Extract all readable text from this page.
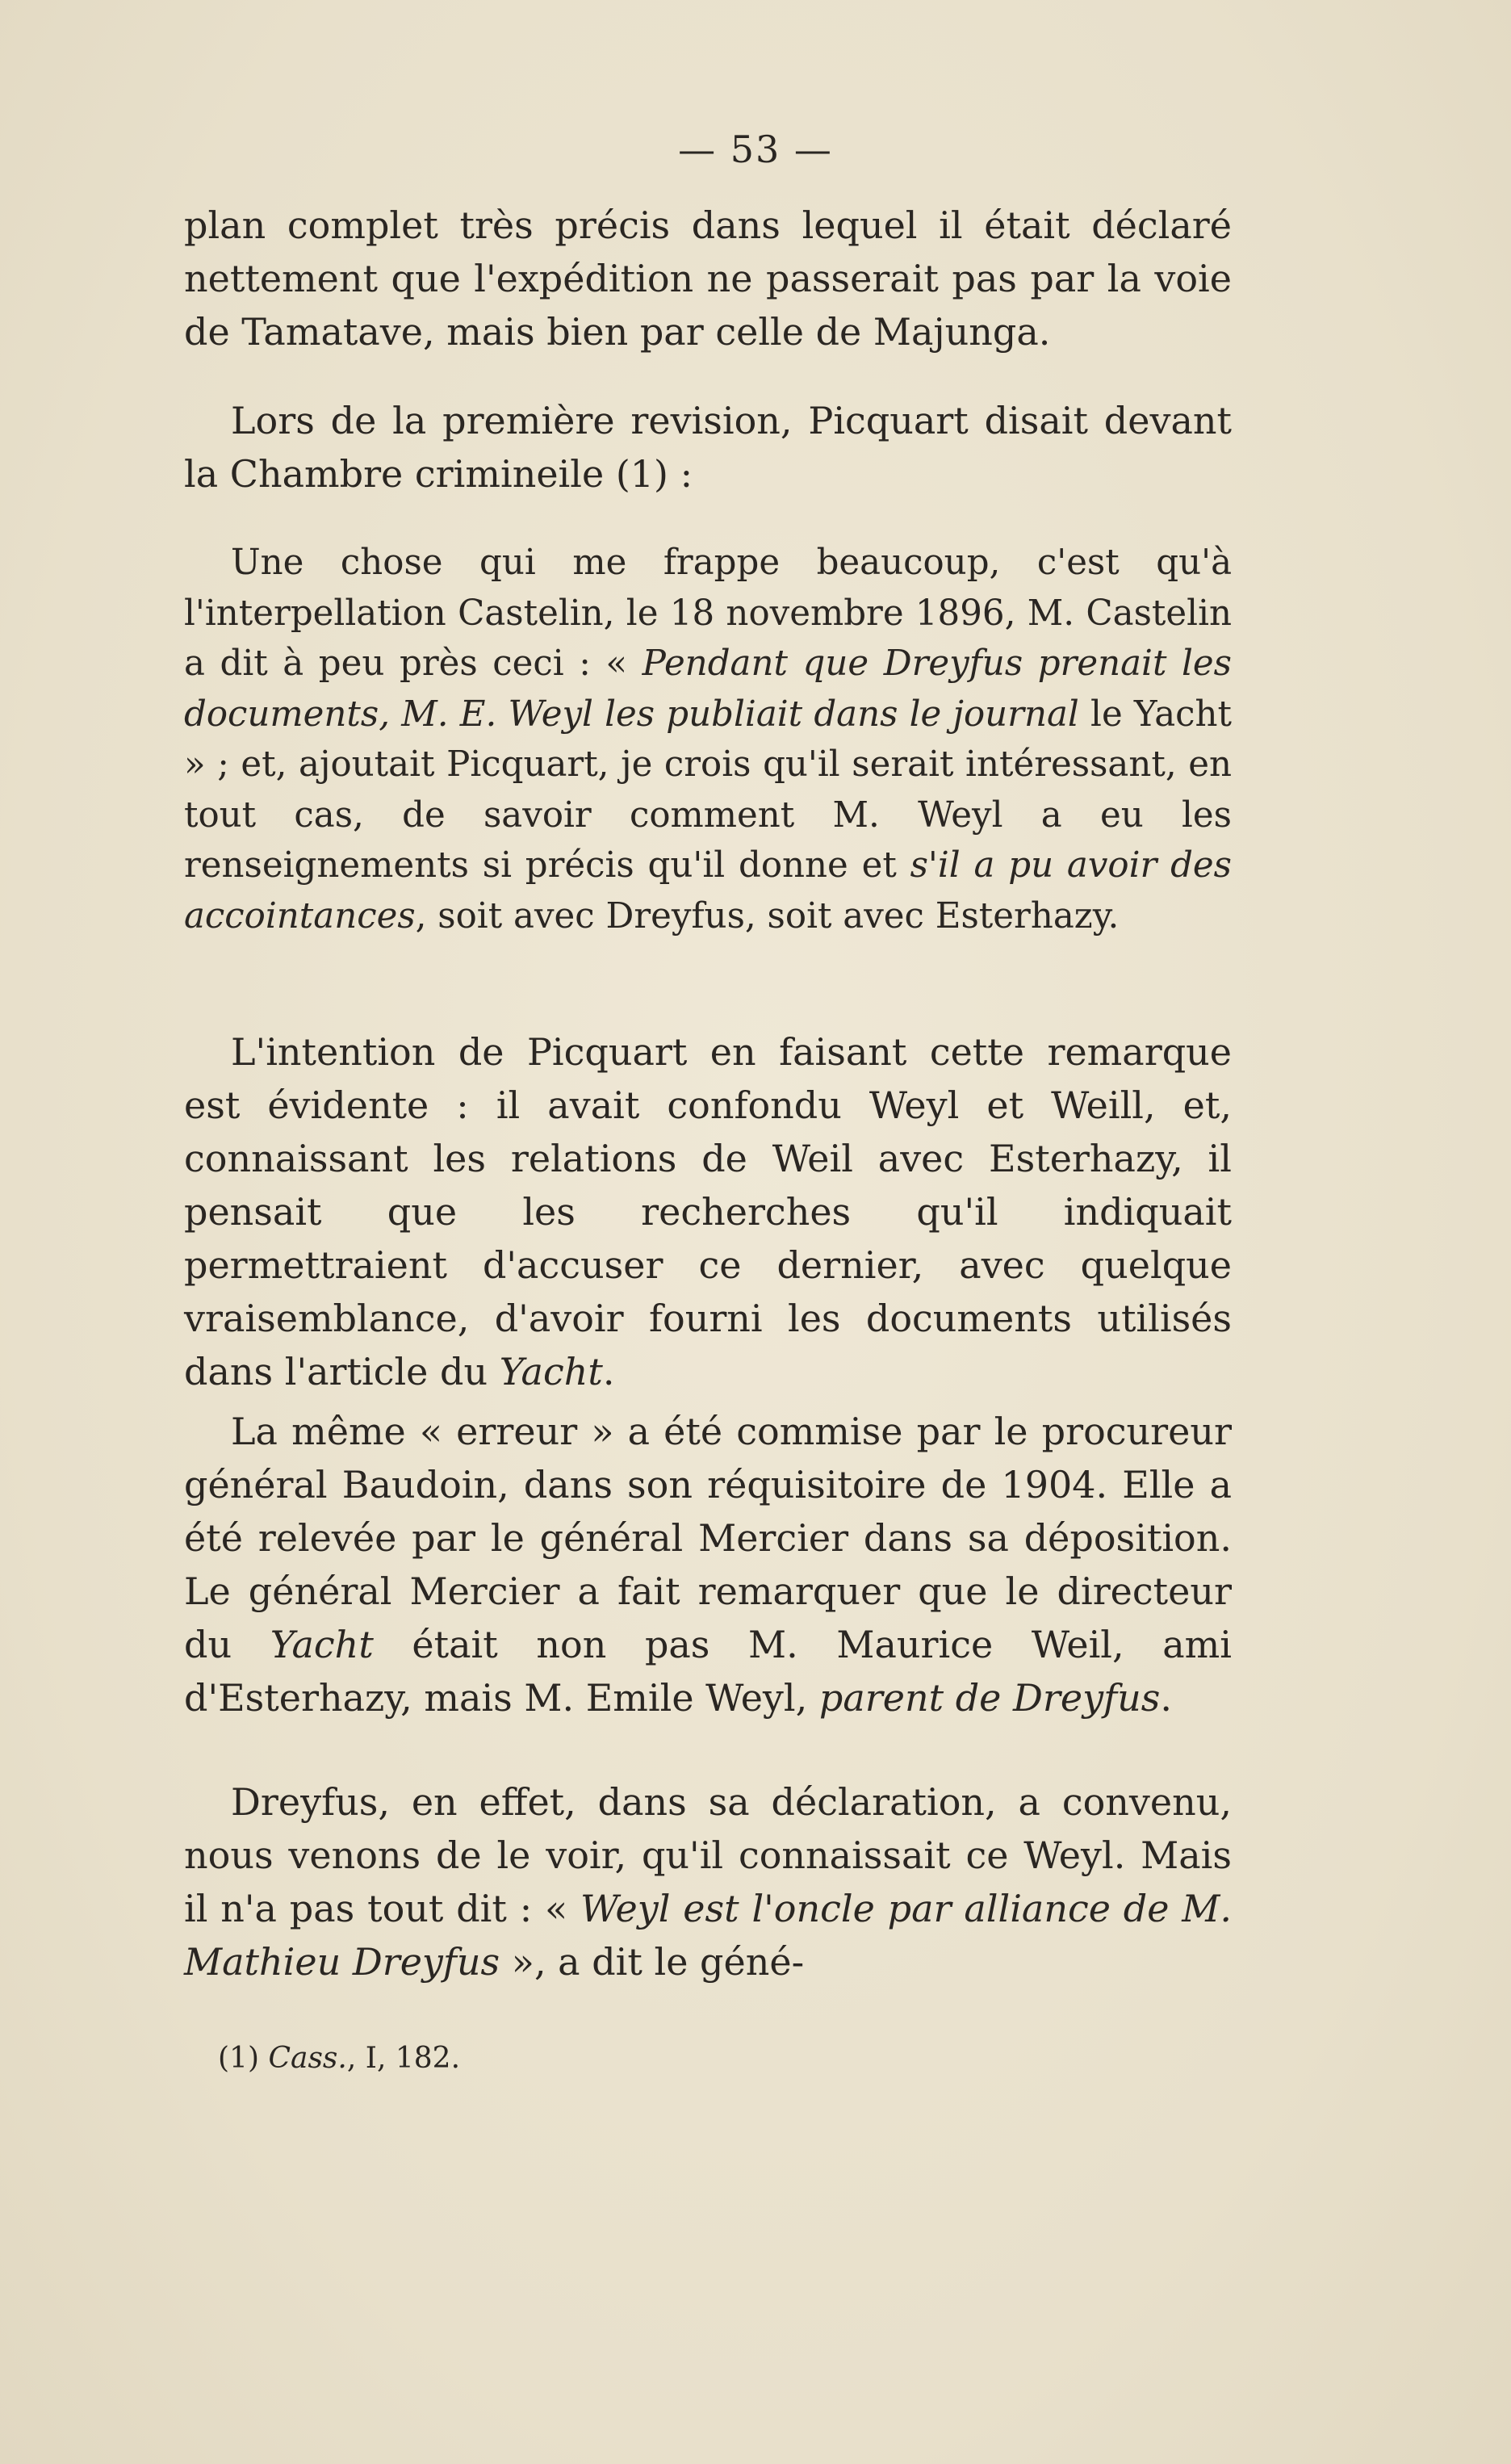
— 53 —

plan complet très précis dans lequel il était déclaré nettement que l'expédition ne passerait pas par la voie de Tamatave, mais bien par celle de Majunga.

Lors de la première revision, Picquart disait devant la Chambre crimineile (1) :

Une chose qui me frappe beaucoup, c'est qu'à l'interpellation Castelin, le 18 novembre 1896, M. Castelin a dit à peu près ceci : « Pendant que Dreyfus prenait les documents, M. E. Weyl les publiait dans le journal le Yacht » ; et, ajoutait Picquart, je crois qu'il serait intéressant, en tout cas, de savoir comment M. Weyl a eu les renseignements si précis qu'il donne et s'il a pu avoir des accointances, soit avec Dreyfus, soit avec Esterhazy.

L'intention de Picquart en faisant cette remarque est évidente : il avait confondu Weyl et Weill, et, connaissant les relations de Weil avec Esterhazy, il pensait que les recherches qu'il indiquait permettraient d'accuser ce dernier, avec quelque vraisemblance, d'avoir fourni les documents utilisés dans l'article du Yacht.

La même « erreur » a été commise par le procureur général Baudoin, dans son réquisitoire de 1904. Elle a été relevée par le général Mercier dans sa déposition. Le général Mercier a fait remarquer que le directeur du Yacht était non pas M. Maurice Weil, ami d'Esterhazy, mais M. Emile Weyl, parent de Dreyfus.

Dreyfus, en effet, dans sa déclaration, a convenu, nous venons de le voir, qu'il connaissait ce Weyl. Mais il n'a pas tout dit : « Weyl est l'oncle par alliance de M. Mathieu Dreyfus », a dit le géné-

(1) Cass., I, 182.
